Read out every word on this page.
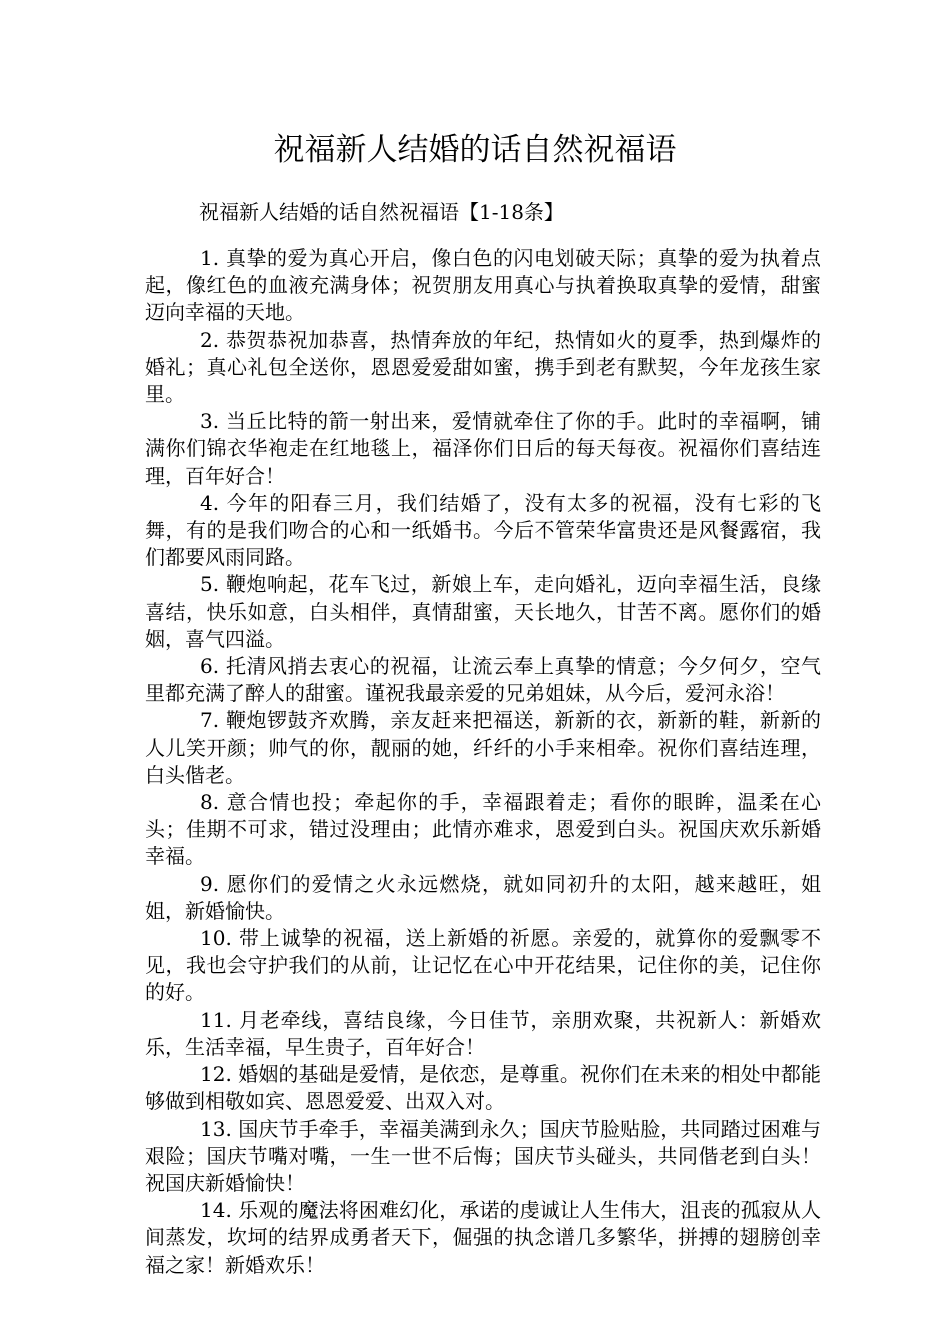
祝福新人结婚的话自然祝福语
祝福新人结婚的话自然祝福语【1-18条】

1. 真挚的爱为真心开启，像白色的闪电划破天际；真挚的爱为执着点起，像红色的血液充满身体；祝贺朋友用真心与执着换取真挚的爱情，甜蜜迈向幸福的天地。

2. 恭贺恭祝加恭喜，热情奔放的年纪，热情如火的夏季，热到爆炸的婚礼；真心礼包全送你，恩恩爱爱甜如蜜，携手到老有默契，今年龙孩生家里。

3. 当丘比特的箭一射出来，爱情就牵住了你的手。此时的幸福啊，铺满你们锦衣华袍走在红地毯上，福泽你们日后的每天每夜。祝福你们喜结连理，百年好合！

4. 今年的阳春三月，我们结婚了，没有太多的祝福，没有七彩的飞舞，有的是我们吻合的心和一纸婚书。今后不管荣华富贵还是风餐露宿，我们都要风雨同路。

5. 鞭炮响起，花车飞过，新娘上车，走向婚礼，迈向幸福生活，良缘喜结，快乐如意，白头相伴，真情甜蜜，天长地久，甘苦不离。愿你们的婚姻，喜气四溢。

6. 托清风捎去衷心的祝福，让流云奉上真挚的情意；今夕何夕，空气里都充满了醉人的甜蜜。谨祝我最亲爱的兄弟姐妹，从今后，爱河永浴！

7. 鞭炮锣鼓齐欢腾，亲友赶来把福送，新新的衣，新新的鞋，新新的人儿笑开颜；帅气的你，靓丽的她，纤纤的小手来相牵。祝你们喜结连理，白头偕老。

8. 意合情也投；牵起你的手，幸福跟着走；看你的眼眸，温柔在心头；佳期不可求，错过没理由；此情亦难求，恩爱到白头。祝国庆欢乐新婚幸福。

9. 愿你们的爱情之火永远燃烧，就如同初升的太阳，越来越旺，姐姐，新婚愉快。

10. 带上诚挚的祝福，送上新婚的祈愿。亲爱的，就算你的爱飘零不见，我也会守护我们的从前，让记忆在心中开花结果，记住你的美，记住你的好。

11. 月老牵线，喜结良缘，今日佳节，亲朋欢聚，共祝新人：新婚欢乐，生活幸福，早生贵子，百年好合！

12. 婚姻的基础是爱情，是依恋，是尊重。祝你们在未来的相处中都能够做到相敬如宾、恩恩爱爱、出双入对。

13. 国庆节手牵手，幸福美满到永久；国庆节脸贴脸，共同踏过困难与艰险；国庆节嘴对嘴，一生一世不后悔；国庆节头碰头，共同偕老到白头！祝国庆新婚愉快！

14. 乐观的魔法将困难幻化，承诺的虔诚让人生伟大，沮丧的孤寂从人间蒸发，坎坷的结界成勇者天下，倔强的执念谱几多繁华，拼搏的翅膀创幸福之家！新婚欢乐！
